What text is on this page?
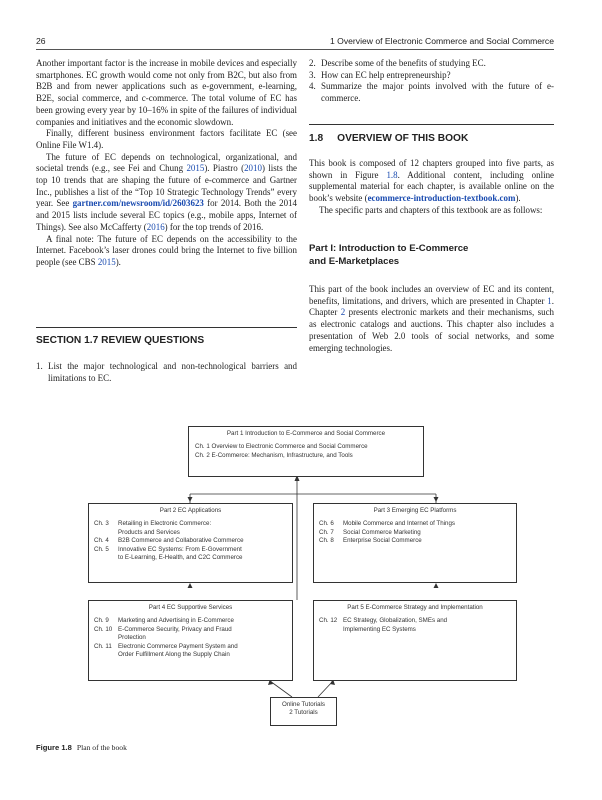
26	1 Overview of Electronic Commerce and Social Commerce

Another important factor is the increase in mobile devices and especially smartphones. EC growth would come not only from B2C, but also from B2B and from newer applications such as e-government, e-learning, B2E, social commerce, and c-commerce. The total volume of EC has been growing every year by 10–16% in spite of the failures of individual companies and initiatives and the economic slowdown.

Finally, different business environment factors facilitate EC (see Online File W1.4).

The future of EC depends on technological, organizational, and societal trends (e.g., see Fei and Chung 2015). Piastro (2010) lists the top 10 trends that are shaping the future of e-commerce and Gartner Inc., publishes a list of the “Top 10 Strategic Technology Trends” every year. See gartner.com/newsroom/id/2603623 for 2014. Both the 2014 and 2015 lists include several EC topics (e.g., mobile apps, Internet of Things). See also McCafferty (2016) for the top trends of 2016.

A final note: The future of EC depends on the accessibility to the Internet. Facebook’s laser drones could bring the Internet to five billion people (see CBS 2015).

SECTION 1.7 REVIEW QUESTIONS
1. List the major technological and non-technological barriers and limitations to EC.
2. Describe some of the benefits of studying EC.
3. How can EC help entrepreneurship?
4. Summarize the major points involved with the future of e-commerce.
1.8 OVERVIEW OF THIS BOOK

This book is composed of 12 chapters grouped into five parts, as shown in Figure 1.8. Additional content, including online supplemental material for each chapter, is available online on the book’s website (ecommerce-introduction-textbook.com).

The specific parts and chapters of this textbook are as follows:

Part I: Introduction to E-Commerce
and E-Marketplaces

This part of the book includes an overview of EC and its content, benefits, limitations, and drivers, which are presented in Chapter 1. Chapter 2 presents electronic markets and their mechanisms, such as electronic catalogs and auctions. This chapter also includes a presentation of Web 2.0 tools of social networks, and some emerging technologies.

Part 1 Introduction to E-Commerce and Social Commerce
Ch. 1 Overview to Electronic Commerce and Social Commerce
Ch. 2 E-Commerce: Mechanism, Infrastructure, and Tools
Part 2 EC Applications
Ch. 3 Retailing in Electronic Commerce:
Products and Services
Ch. 4 B2B Commerce and Collaborative Commerce
Ch. 5 Innovative EC Systems: From E-Government
to E-Learning, E-Health, and C2C Commerce
Part 3 Emerging EC Platforms
Ch. 6 Mobile Commerce and Internet of Things
Ch. 7 Social Commerce Marketing
Ch. 8 Enterprise Social Commerce
Part 4 EC Supportive Services
Ch. 9 Marketing and Advertising in E-Commerce
Ch. 10 E-Commerce Security, Privacy and Fraud
Protection
Ch. 11 Electronic Commerce Payment System and
Order Fulfillment Along the Supply Chain
Part 5 E-Commerce Strategy and Implementation
Ch. 12 EC Strategy, Globalization, SMEs and
Implementing EC Systems
Online Tutorials
2 Tutorials
Figure 1.8 Plan of the book
